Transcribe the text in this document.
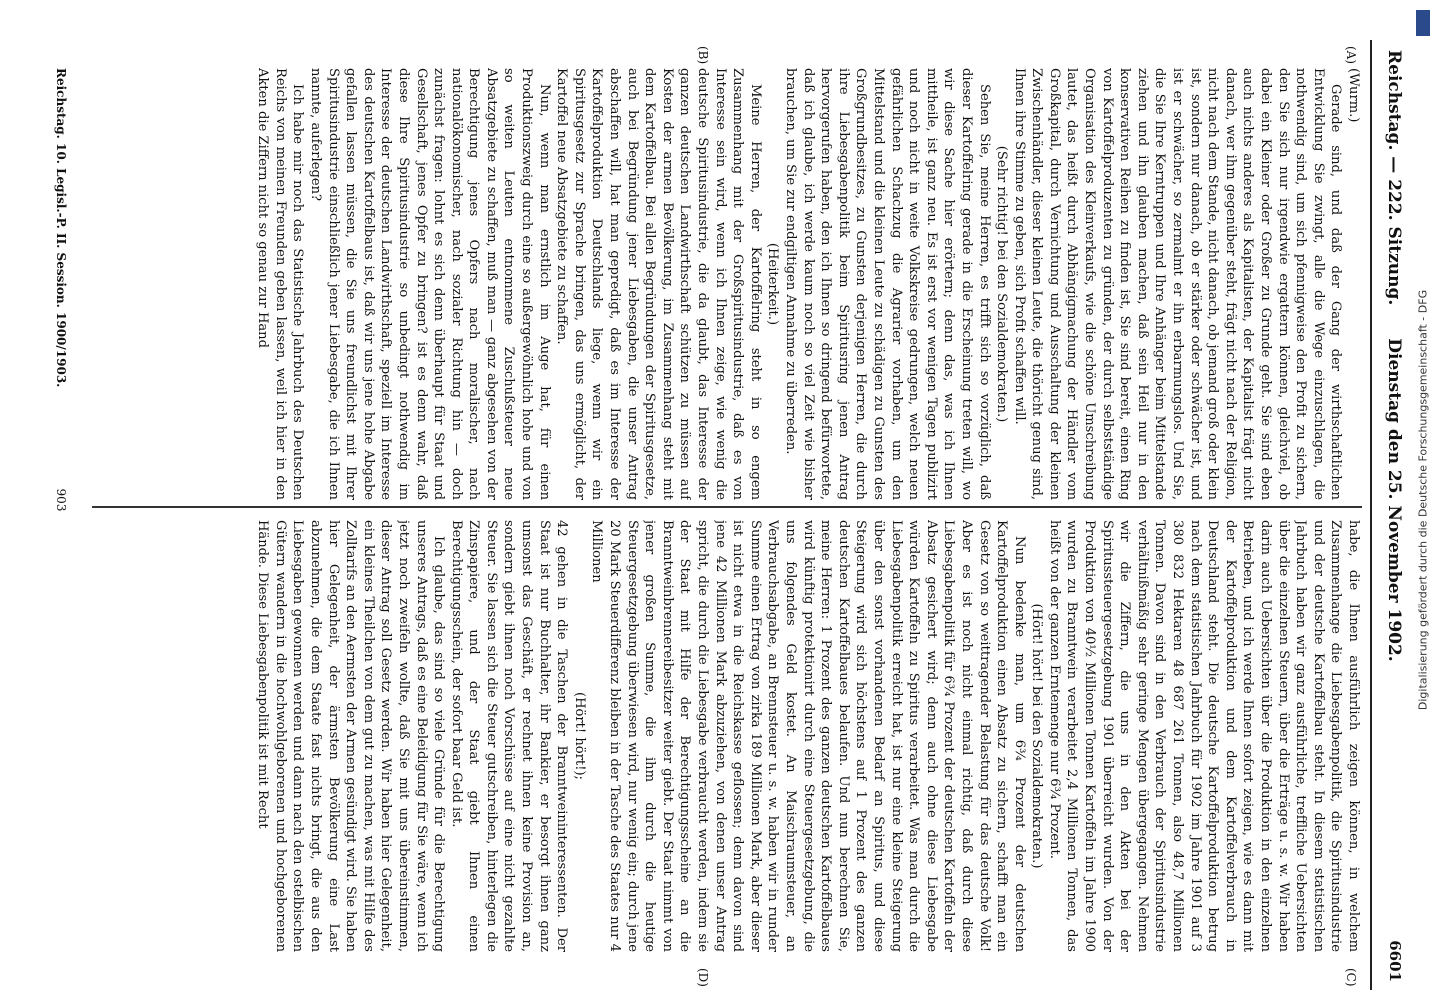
Reichstag. — 222. Sitzung.
Dienstag den 25. November 1902.
6601
(A)
(B)
(C)
(D)

(Wurm.)

Gerade sind, und daß der Gang der wirthschaftlichen Entwicklung Sie zwingt, alle die Wege einzuschlagen, die nothwendig sind, um sich pfennigweise den Profit zu sichern, den Sie sich nur irgendwie ergattern können, gleichviel, ob dabei ein Kleiner oder Großer zu Grunde geht. Sie sind eben auch nichts anderes als Kapitalisten, der Kapitalist frägt nicht danach, wer ihm gegenüber steht, frägt nicht nach der Religion, nicht nach dem Stande, nicht danach, ob jemand groß oder klein ist, sondern nur danach, ob er stärker oder schwächer ist, und ist er schwächer, so zermalmt er ihn erbarmungslos. Und Sie, die Sie Ihre Kerntruppen und Ihre Anhänger beim Mittelstande ziehen und ihn glauben machen, daß sein Heil nur in den konservativen Reihen zu finden ist, Sie sind bereit, einen Ring von Kartoffelproduzenten zu gründen, der durch selbstständige Organisation des Kleinverkaufs, wie die schöne Umschreibung lautet, das heißt durch Abhängigmachung der Händler vom Großkapital, durch Vernichtung und Ausschaltung der kleinen Zwischenhändler, dieser kleinen Leute, die thöricht genug sind, Ihnen ihre Stimme zu geben, sich Profit schaffen will.

(Sehr richtig! bei den Sozialdemokraten.)

Sehen Sie, meine Herren, es trifft sich so vorzüglich, daß dieser Kartoffelring gerade in die Erscheinung treten will, wo wir diese Sache hier erörtern; denn das, was ich Ihnen mittheile, ist ganz neu. Es ist erst vor wenigen Tagen publizirt und noch nicht in weite Volkskreise gedrungen, welch neuen gefährlichen Schachzug die Agrarier vorhaben, um den Mittelstand und die kleinen Leute zu schädigen zu Gunsten des Großgrundbesitzes, zu Gunsten derjenigen Herren, die durch ihre Liebesgabenpolitik beim Spiritusring jenen Antrag hervorgerufen haben, den ich Ihnen so dringend befürwortete, daß ich glaube, ich werde kaum noch so viel Zeit wie bisher brauchen, um Sie zur endgiltigen Annahme zu überreden.

(Heiterkeit.)

Meine Herren, der Kartoffelring steht in so engem Zusammenhang mit der Großspiritusindustrie, daß es von Interesse sein wird, wenn ich Ihnen zeige, wie wenig die deutsche Spiritusindustrie, die da glaubt, das Interesse der ganzen deutschen Landwirthschaft schützen zu müssen auf Kosten der armen Bevölkerung, im Zusammenhang steht mit dem Kartoffelbau. Bei allen Begründungen der Spiritusgesetze, auch bei Begründung jener Liebesgaben, die unser Antrag abschaffen will, hat man gepredigt, daß es im Interesse der Kartoffelproduktion Deutschlands liege, wenn wir ein Spiritusgesetz zur Sprache bringen, das uns ermöglicht, der Kartoffel neue Absatzgebiete zu schaffen.

Nun, wenn man ernstlich im Auge hat, für einen Produktionszweig durch eine so außergewöhnlich hohe und von so weiten Leuten entnommene Zuschußsteuer neue Absatzgebiete zu schaffen, muß man — ganz abgesehen von der Berechtigung jenes Opfers nach moralischer, nach nationalökonomischer, nach sozialer Richtung hin — doch zunächst fragen: lohnt es sich denn überhaupt für Staat und Gesellschaft, jenes Opfer zu bringen? ist es denn wahr, daß diese Ihre Spiritusindustrie so unbedingt nothwendig im Interesse der deutschen Landwirthschaft, speziell im Interesse des deutschen Kartoffelbaus ist, daß wir uns jene hohe Abgabe gefallen lassen müssen, die Sie uns freundlichst mit Ihrer Spiritusindustrie einschließlich jener Liebesgabe, die ich Ihnen nannte, auferlegen?

Ich habe mir noch das Statistische Jahrbuch des Deutschen Reichs von meinen Freunden geben lassen, weil ich hier in den Akten die Ziffern nicht so genau zur Hand

habe, die Ihnen ausführlich zeigen können, in welchem Zusammenhange die Liebesgabenpolitik, die Spiritusindustrie und der deutsche Kartoffelbau steht. In diesem statistischen Jahrbuch haben wir ganz ausführliche, treffliche Uebersichten über die einzelnen Steuern, über die Erträge u. s. w. Wir haben darin auch Uebersichten über die Produktion in den einzelnen Betrieben, und ich werde Ihnen sofort zeigen, wie es dann mit der Kartoffelproduktion und dem Kartoffelverbrauch in Deutschland steht. Die deutsche Kartoffelproduktion betrug nach dem statistischen Jahrbuch für 1902 im Jahre 1901 auf 3 380 832 Hektaren 48 687 261 Tonnen, also 48,7 Millionen Tonnen. Davon sind in den Verbrauch der Spiritusindustrie verhältnißmäßig sehr geringe Mengen übergegangen. Nehmen wir die Ziffern, die uns in den Akten bei der Spiritussteuergesetzgebung 1901 überreicht wurden. Von der Produktion von 40½ Millionen Tonnen Kartoffeln im Jahre 1900 wurden zu Branntwein verarbeitet 2,4 Millionen Tonnen, das heißt von der ganzen Erntemenge nur 6¾ Prozent.

(Hört! hört! bei den Sozialdemokraten.)

Nun bedenke man, um 6¾ Prozent der deutschen Kartoffelproduktion einen Absatz zu sichern, schafft man ein Gesetz von so weittragender Belastung für das deutsche Volk! Aber es ist noch nicht einmal richtig, daß durch diese Liebesgabenpolitik für 6¾ Prozent der deutschen Kartoffeln der Absatz gesichert wird; denn auch ohne diese Liebesgabe würden Kartoffeln zu Spiritus verarbeitet. Was man durch die Liebesgabenpolitik erreicht hat, ist nur eine kleine Steigerung über den sonst vorhandenen Bedarf an Spiritus, und diese Steigerung wird sich höchstens auf 1 Prozent des ganzen deutschen Kartoffelbaues belaufen. Und nun berechnen Sie, meine Herren: 1 Prozent des ganzen deutschen Kartoffelbaues wird künftig protektionirt durch eine Steuergesetzgebung, die uns folgendes Geld kostet. An Maischraumsteuer, an Verbrauchsabgabe, an Brennsteuer u. s. w. haben wir in runder Summe einen Ertrag von zirka 189 Millionen Mark, aber dieser ist nicht etwa in die Reichskasse geflossen; denn davon sind jene 42 Millionen Mark abzuziehen, von denen unser Antrag spricht, die durch die Liebesgabe verbraucht werden, indem sie der Staat mit Hilfe der Berechtigungsscheine an die Branntweinbrennereibesitzer weiter giebt. Der Staat nimmt von jener großen Summe, die ihm durch die heutige Steuergesetzgebung überwiesen wird, nur wenig ein; durch jene 20 Mark Steuerdifferenz bleiben in der Tasche des Staates nur 4 Millionen

(Hört! hört!);

42 gehen in die Taschen der Branntweininteressenten. Der Staat ist nur Buchhalter, ihr Bankier, er besorgt ihnen ganz umsonst das Geschäft, er rechnet ihnen keine Provision an, sondern giebt ihnen noch Vorschüsse auf eine nicht gezahlte Steuer. Sie lassen sich die Steuer gutschreiben, hinterlegen die Zinspapiere, und der Staat giebt Ihnen einen Berechtigungsschein, der sofort baar Geld ist.

Ich glaube, das sind so viele Gründe für die Berechtigung unseres Antrags, daß es eine Beleidigung für Sie wäre, wenn ich jetzt noch zweifeln wollte, daß Sie mit uns übereinstimmen, dieser Antrag soll Gesetz werden. Wir haben hier Gelegenheit, ein kleines Theilchen von dem gut zu machen, was mit Hilfe des Zolltarifs an den Aermsten der Armen gesündigt wird. Sie haben hier Gelegenheit, der ärmsten Bevölkerung eine Last abzunehmen, die dem Staate fast nichts bringt, die aus den Liebesgaben gewonnen werden und dann nach den ostelbischen Gütern wandern in die hochwohlgeborenen und hochgeborenen Hände. Diese Liebesgabenpolitik ist mit Recht

Reichstag. 10. Legisl.-P. II. Session. 1900/1903.
903	Digitalisierung gefördert durch die Deutsche Forschungsgemeinschaft - DFG
